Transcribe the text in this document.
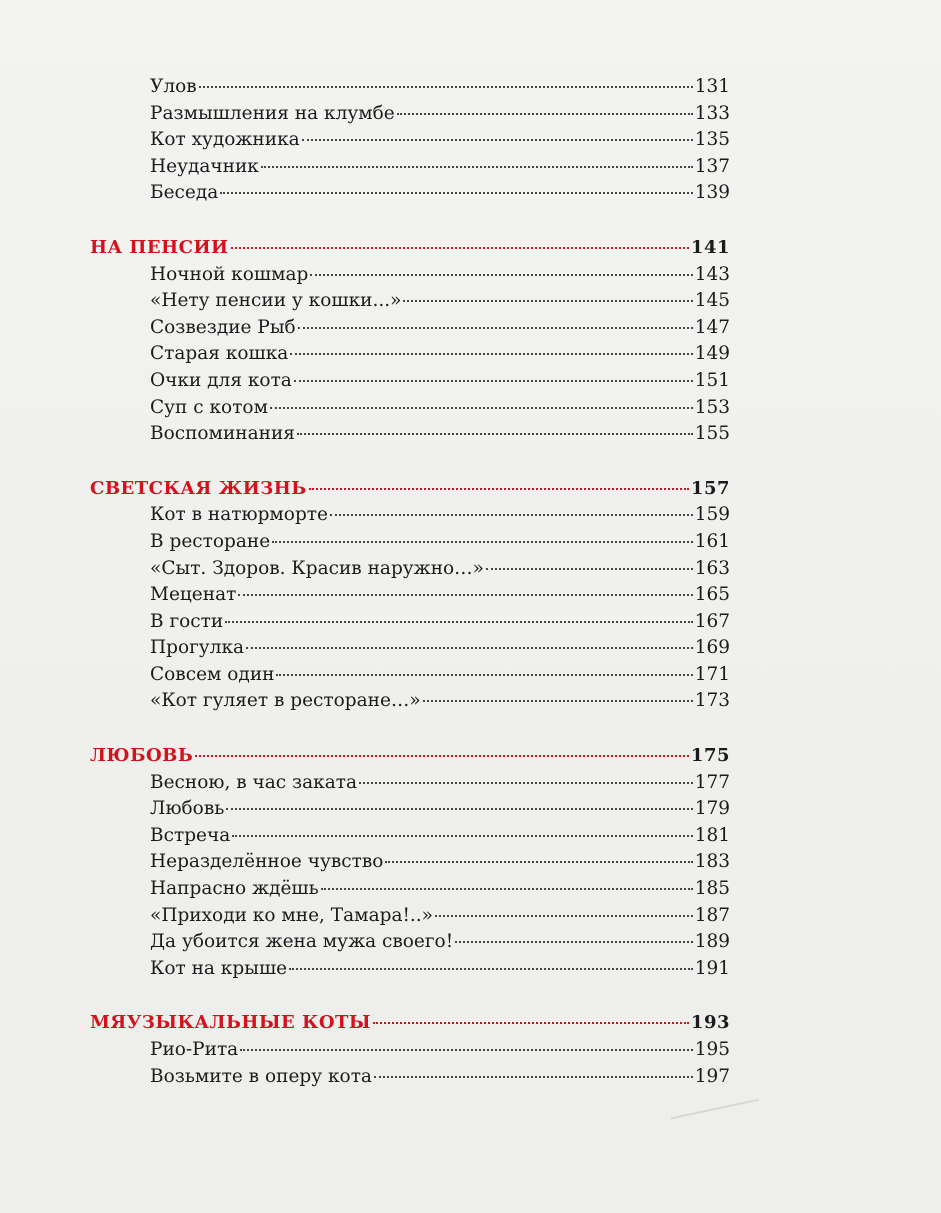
Улов	131
Размышления на клумбе	133
Кот художника	135
Неудачник	137
Беседа	139
НА ПЕНСИИ	141
Ночной кошмар	143
«Нету пенсии у кошки...»	145
Созвездие Рыб	147
Старая кошка	149
Очки для кота	151
Суп с котом	153
Воспоминания	155
СВЕТСКАЯ ЖИЗНЬ	157
Кот в натюрморте	159
В ресторане	161
«Сыт. Здоров. Красив наружно…»	163
Меценат	165
В гости	167
Прогулка	169
Совсем один	171
«Кот гуляет в ресторане…»	173
ЛЮБОВЬ	175
Весною, в час заката	177
Любовь	179
Встреча	181
Неразделённое чувство	183
Напрасно ждёшь	185
«Приходи ко мне, Тамара!..»	187
Да убоится жена мужа своего!	189
Кот на крыше	191
МЯУЗЫКАЛЬНЫЕ КОТЫ	193
Рио-Рита	195
Возьмите в оперу кота	197
